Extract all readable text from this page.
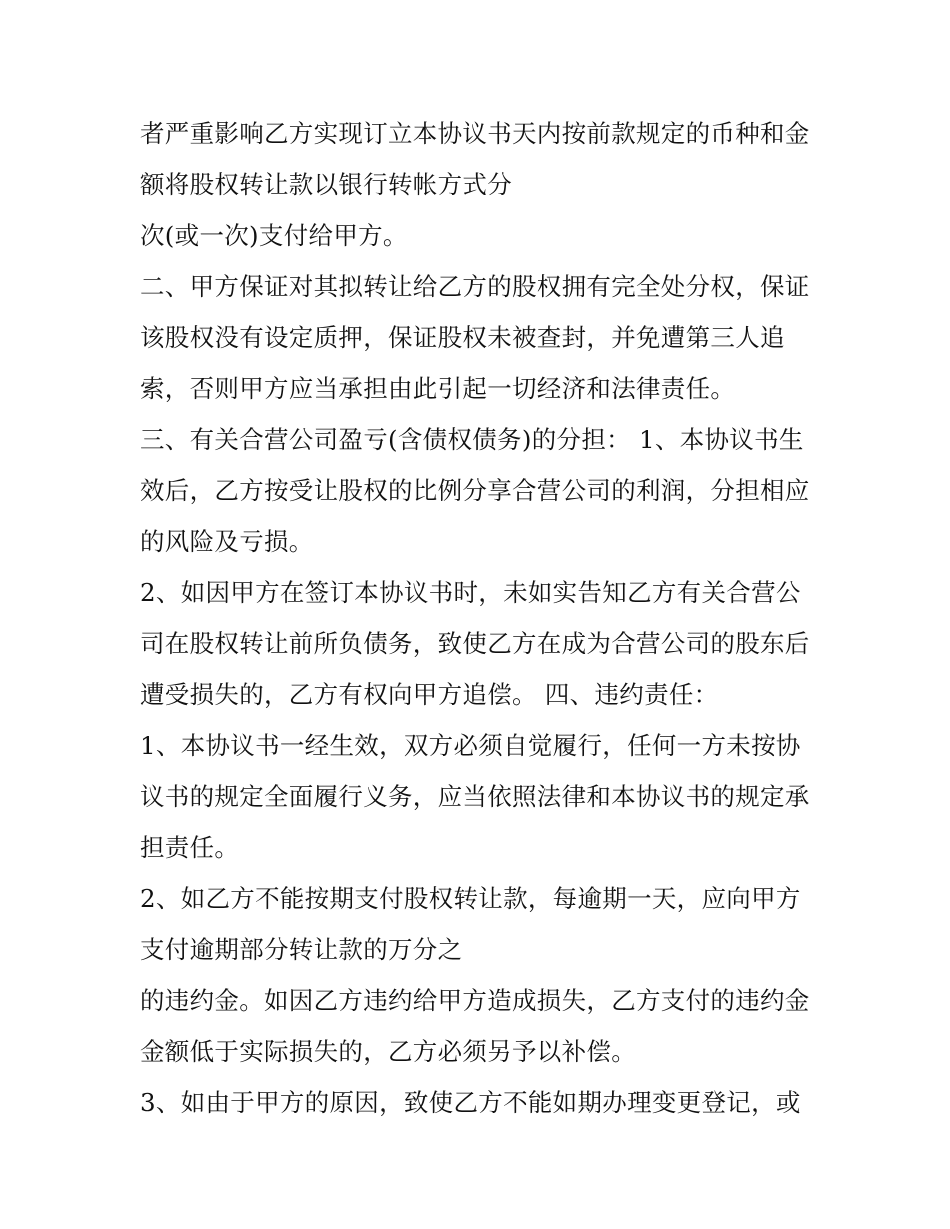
者严重影响乙方实现订立本协议书天内按前款规定的币种和金
额将股权转让款以银行转帐方式分
次(或一次)支付给甲方。
二、甲方保证对其拟转让给乙方的股权拥有完全处分权，保证
该股权没有设定质押，保证股权未被查封，并免遭第三人追
索，否则甲方应当承担由此引起一切经济和法律责任。
三、有关合营公司盈亏(含债权债务)的分担： 1、本协议书生
效后，乙方按受让股权的比例分享合营公司的利润，分担相应
的风险及亏损。
2、如因甲方在签订本协议书时，未如实告知乙方有关合营公
司在股权转让前所负债务，致使乙方在成为合营公司的股东后
遭受损失的，乙方有权向甲方追偿。 四、违约责任：
1、本协议书一经生效，双方必须自觉履行，任何一方未按协
议书的规定全面履行义务，应当依照法律和本协议书的规定承
担责任。
2、如乙方不能按期支付股权转让款，每逾期一天，应向甲方
支付逾期部分转让款的万分之
的违约金。如因乙方违约给甲方造成损失，乙方支付的违约金
金额低于实际损失的，乙方必须另予以补偿。
3、如由于甲方的原因，致使乙方不能如期办理变更登记，或
